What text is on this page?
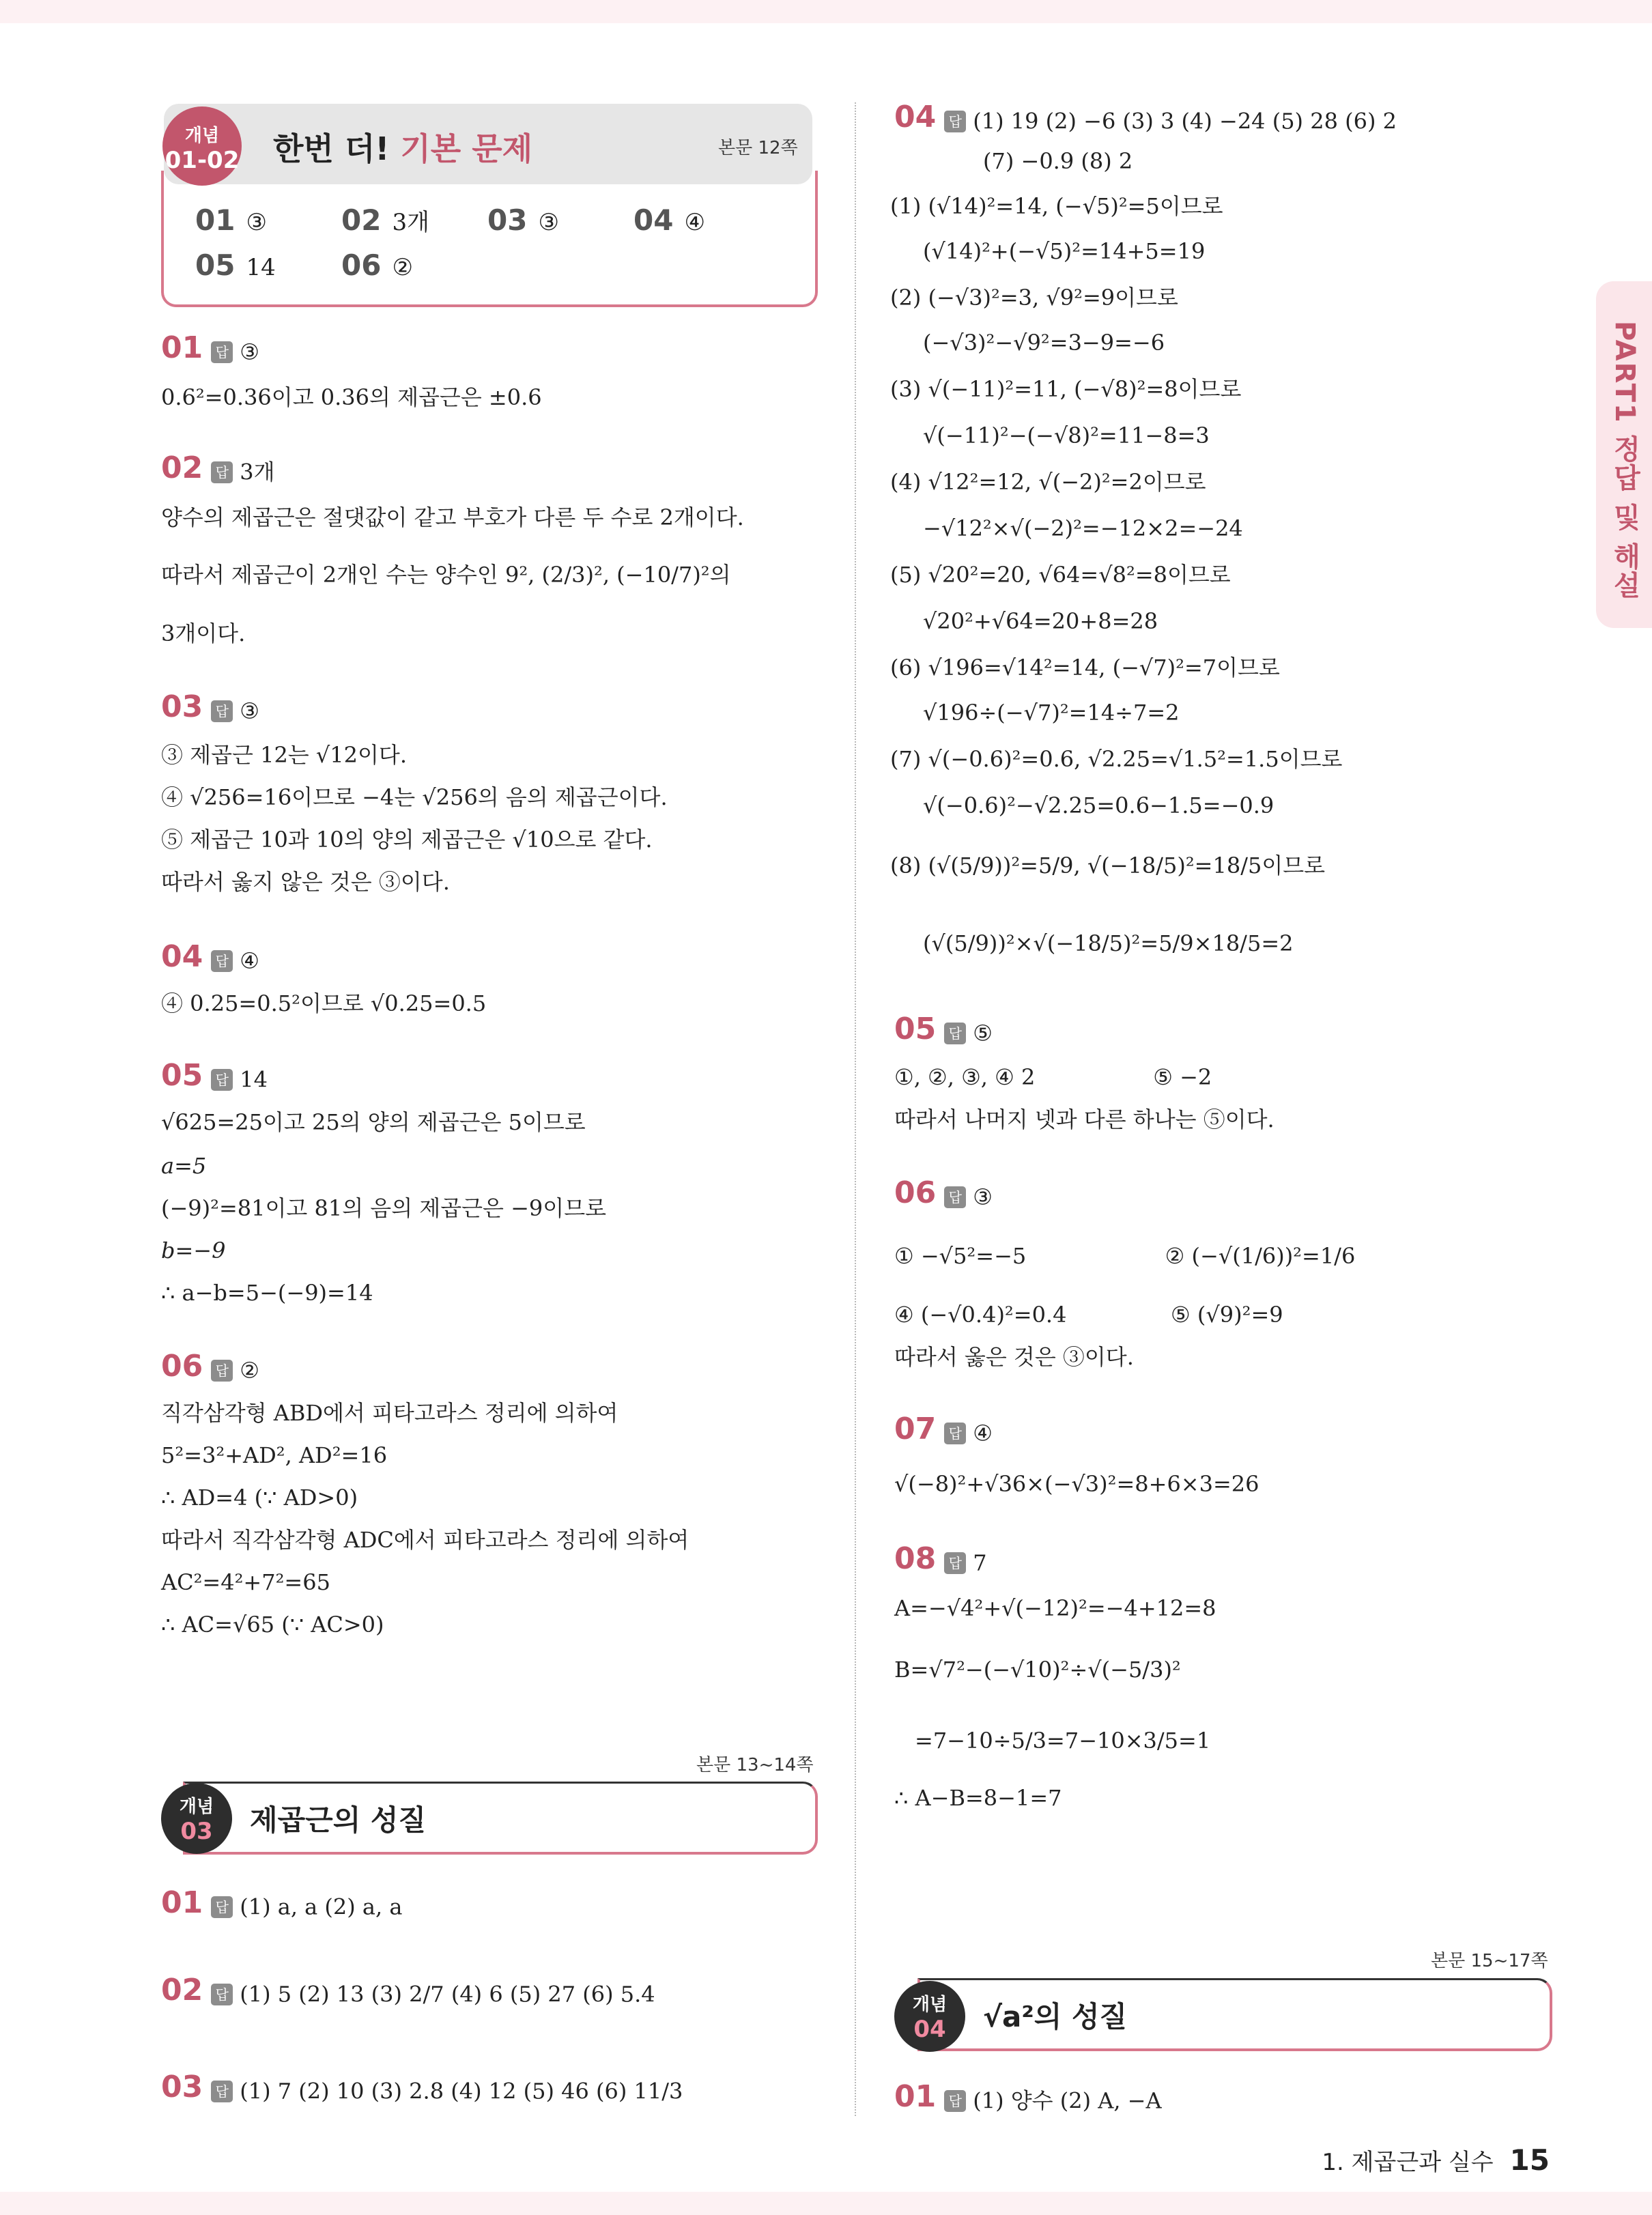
PART1 정답 및 해설
개념
01-02 한번 더! 기본 문제	본문 12쪽
01 ③	02 3개 03 ③	04 ④
05 14 06 ②
01 답 ③
0.6²=0.36이고 0.36의 제곱근은 ±0.6
02 답 3개
양수의 제곱근은 절댓값이 같고 부호가 다른 두 수로 2개이다.
따라서 제곱근이 2개인 수는 양수인 9², (2/3)², (−10/7)²의
3개이다.
03 답 ③
③ 제곱근 12는 √12이다.
④ √256=16이므로 −4는 √256의 음의 제곱근이다.
⑤ 제곱근 10과 10의 양의 제곱근은 √10으로 같다.
따라서 옳지 않은 것은 ③이다.
04 답 ④
④ 0.25=0.5²이므로 √0.25=0.5
05 답 14
√625=25이고 25의 양의 제곱근은 5이므로
a=5
(−9)²=81이고 81의 음의 제곱근은 −9이므로
b=−9
∴ a−b=5−(−9)=14
06 답 ②
직각삼각형 ABD에서 피타고라스 정리에 의하여
5²=3²+AD², AD²=16
∴ AD=4 (∵ AD>0)
따라서 직각삼각형 ADC에서 피타고라스 정리에 의하여
AC²=4²+7²=65
∴ AC=√65 (∵ AC>0)
본문 13~14쪽
개념
03	제곱근의 성질
01 답 (1) a, a (2) a, a
02 답 (1) 5 (2) 13 (3) 2/7 (4) 6 (5) 27 (6) 5.4
03 답 (1) 7 (2) 10 (3) 2.8 (4) 12 (5) 46 (6) 11/3
04 답 (1) 19 (2) −6 (3) 3 (4) −24 (5) 28 (6) 2
(7) −0.9 (8) 2
(1) (√14)²=14, (−√5)²=5이므로
(√14)²+(−√5)²=14+5=19
(2) (−√3)²=3, √9²=9이므로
(−√3)²−√9²=3−9=−6
(3) √(−11)²=11, (−√8)²=8이므로
√(−11)²−(−√8)²=11−8=3
(4) √12²=12, √(−2)²=2이므로
−√12²×√(−2)²=−12×2=−24
(5) √20²=20, √64=√8²=8이므로
√20²+√64=20+8=28
(6) √196=√14²=14, (−√7)²=7이므로
√196÷(−√7)²=14÷7=2
(7) √(−0.6)²=0.6, √2.25=√1.5²=1.5이므로
√(−0.6)²−√2.25=0.6−1.5=−0.9
(8) (√(5/9))²=5/9, √(−18/5)²=18/5이므로
(√(5/9))²×√(−18/5)²=5/9×18/5=2
05 답 ⑤
①, ②, ③, ④ 2                 ⑤ −2
따라서 나머지 넷과 다른 하나는 ⑤이다.
06 답 ③
① −√5²=−5                    ② (−√(1/6))²=1/6
④ (−√0.4)²=0.4               ⑤ (√9)²=9
따라서 옳은 것은 ③이다.
07 답 ④
√(−8)²+√36×(−√3)²=8+6×3=26
08 답 7
A=−√4²+√(−12)²=−4+12=8
B=√7²−(−√10)²÷√(−5/3)²
=7−10÷5/3=7−10×3/5=1
∴ A−B=8−1=7
본문 15~17쪽
개념
04	√a²의 성질
01 답 (1) 양수 (2) A, −A
1. 제곱근과 실수 15
